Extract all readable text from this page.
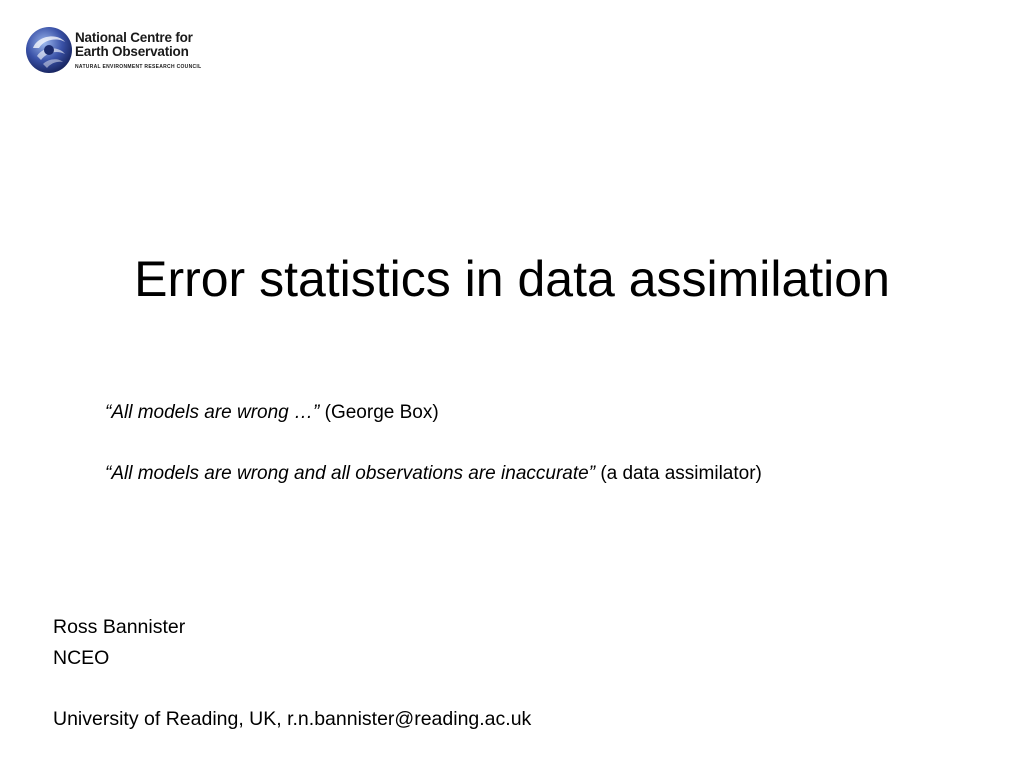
National Centre for
Earth Observation
NATURAL ENVIRONMENT RESEARCH COUNCIL
Error statistics in data assimilation
“All models are wrong …” (George Box)
“All models are wrong and all observations are inaccurate” (a data assimilator)
Ross Bannister
NCEO
University of Reading, UK, r.n.bannister@reading.ac.uk
